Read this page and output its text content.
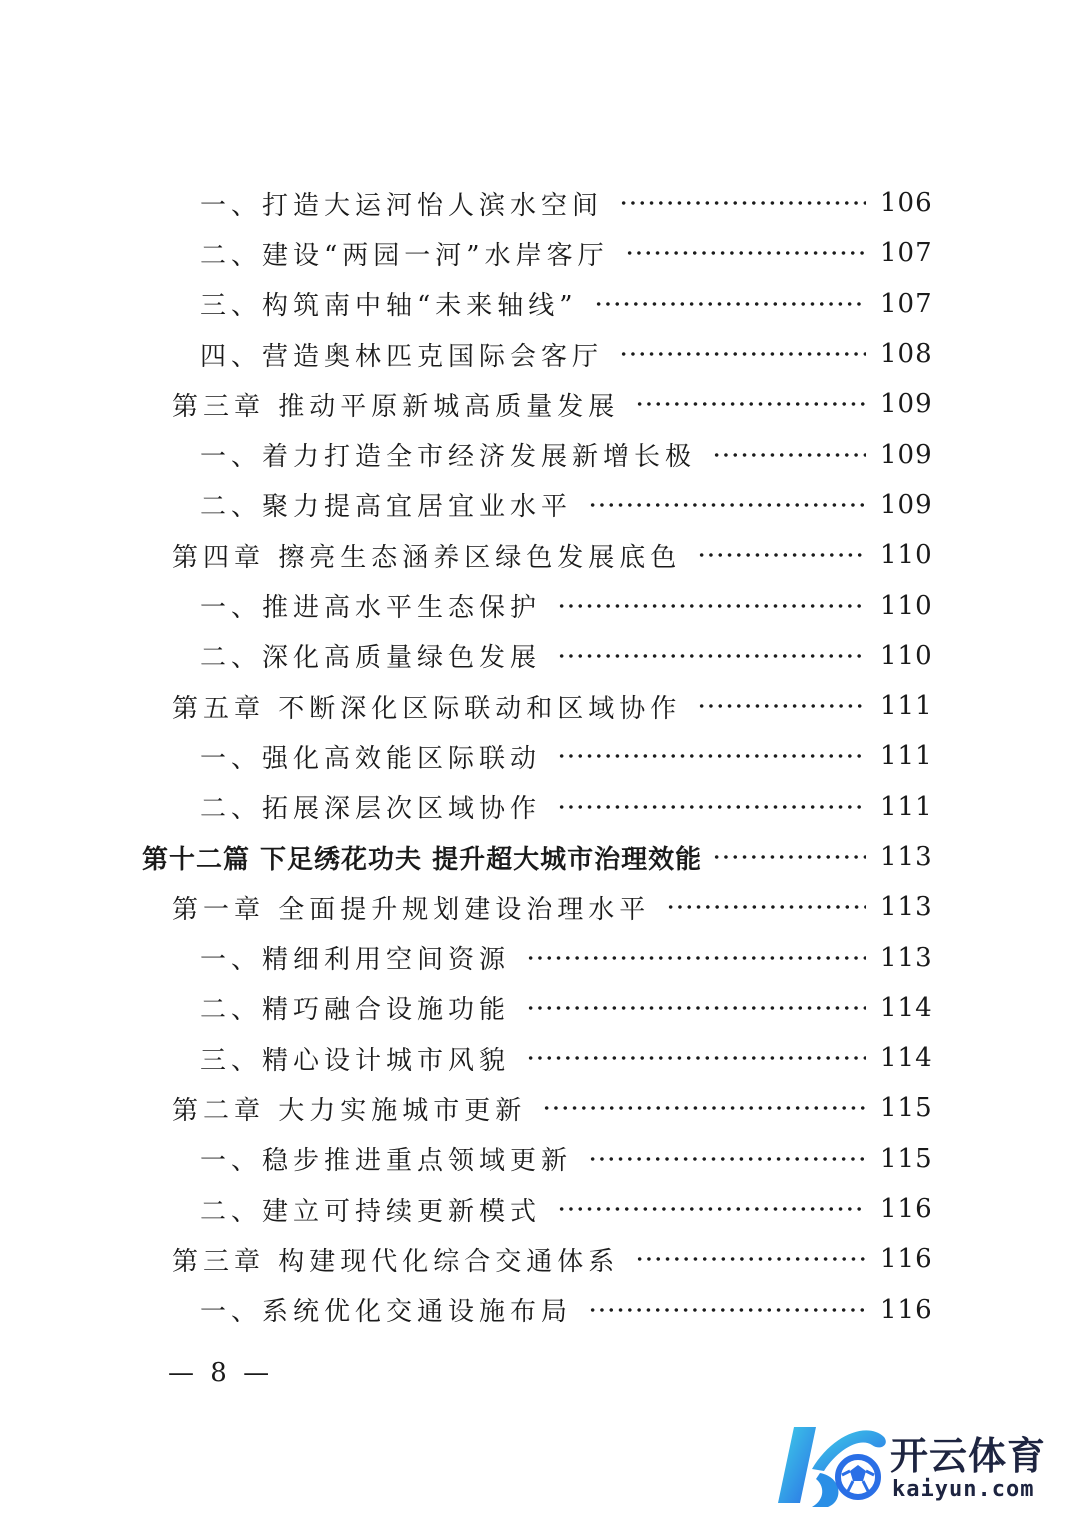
一、打造大运河怡人滨水空间	106
二、建设“两园一河”水岸客厅	107
三、构筑南中轴“未来轴线”	107
四、营造奥林匹克国际会客厅	108
第三章 推动平原新城高质量发展	109
一、着力打造全市经济发展新增长极	109
二、聚力提高宜居宜业水平	109
第四章 擦亮生态涵养区绿色发展底色	110
一、推进高水平生态保护	110
二、深化高质量绿色发展	110
第五章 不断深化区际联动和区域协作	111
一、强化高效能区际联动	111
二、拓展深层次区域协作	111
第十二篇 下足绣花功夫 提升超大城市治理效能	113
第一章 全面提升规划建设治理水平	113
一、精细利用空间资源	113
二、精巧融合设施功能	114
三、精心设计城市风貌	114
第二章 大力实施城市更新	115
一、稳步推进重点领域更新	115
二、建立可持续更新模式	116
第三章 构建现代化综合交通体系	116
一、系统优化交通设施布局	116
— 8 —
开云体育
kaiyun.com
